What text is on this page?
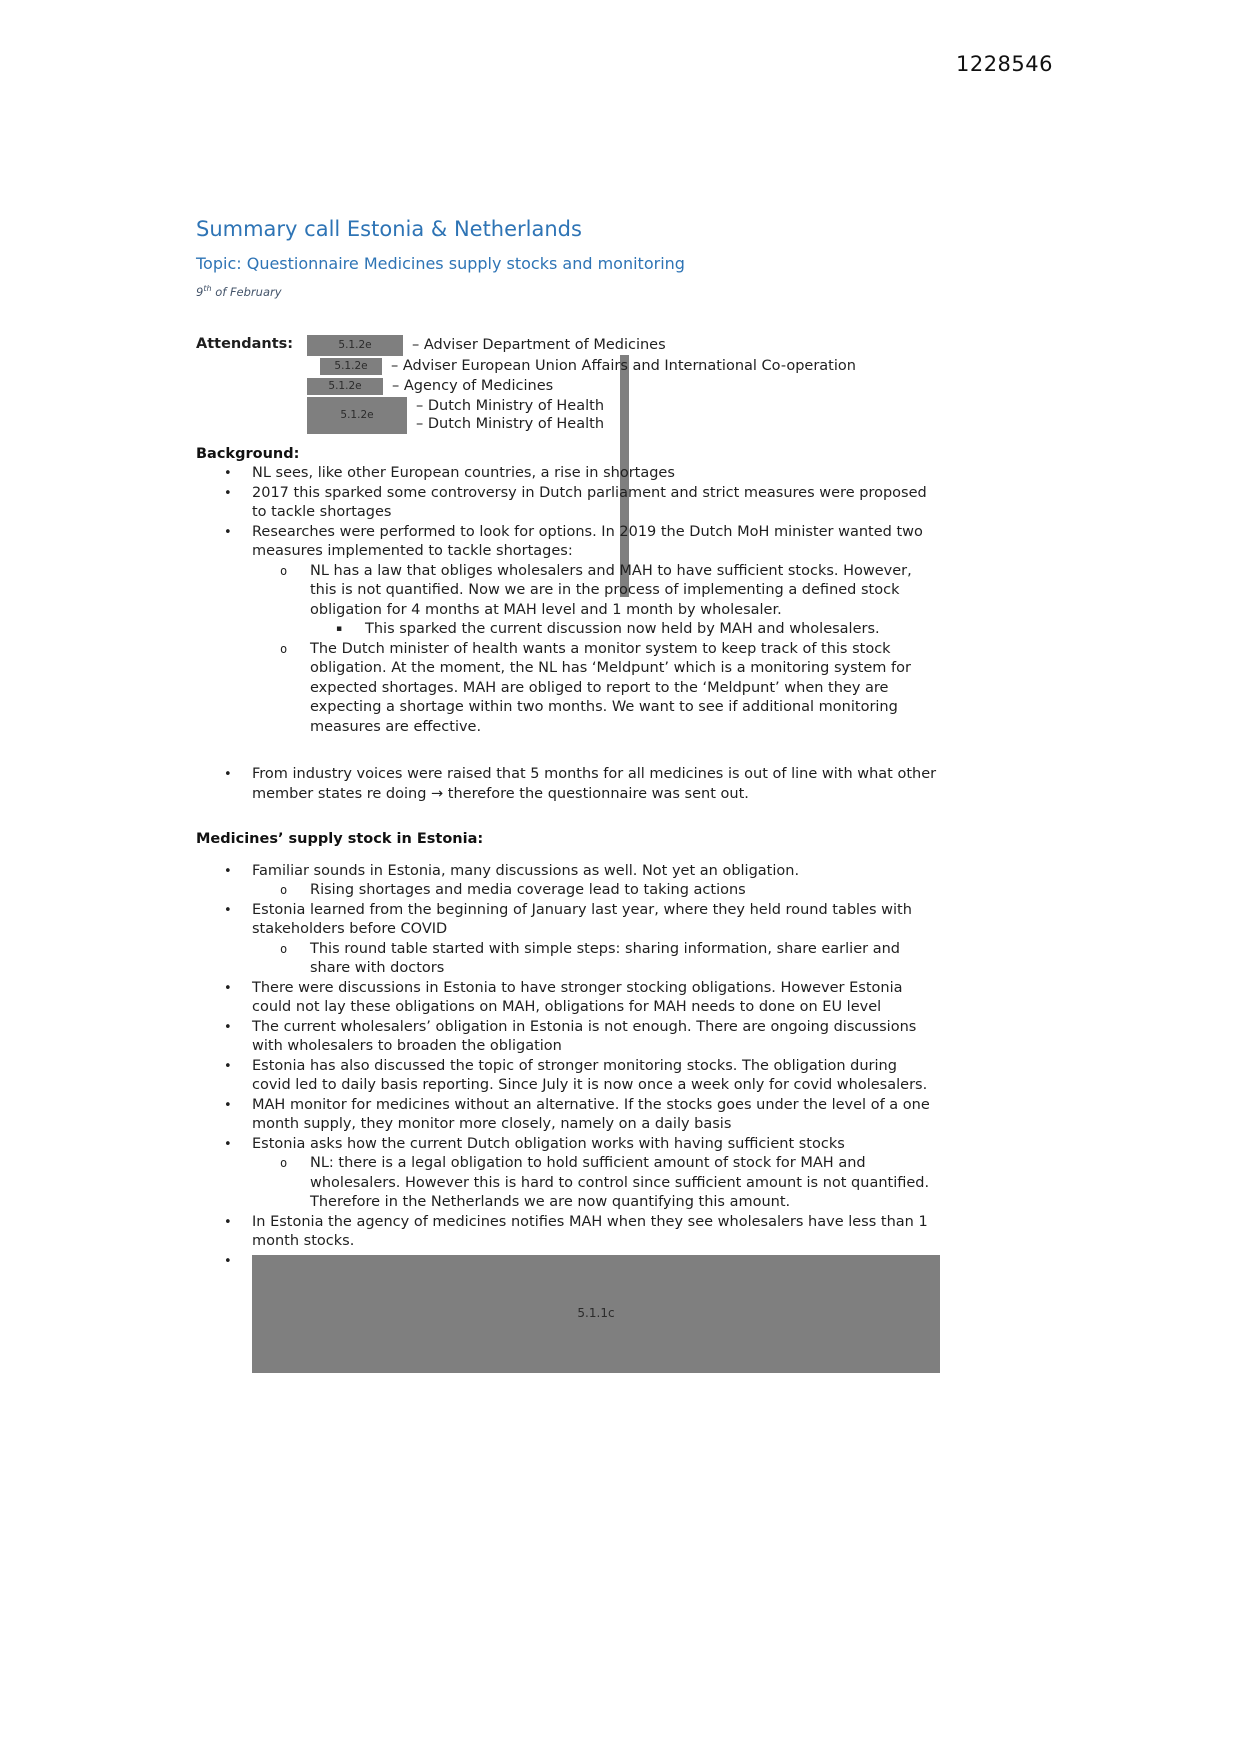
1228546
Summary call Estonia & Netherlands
Topic: Questionnaire Medicines supply stocks and monitoring

9th of February

Attendants:	5.1.2e	– Adviser Department of Medicines
5.1.2e	– Adviser European Union Affairs and International Co-operation
5.1.2e	– Agency of Medicines
5.1.2e
– Dutch Ministry of Health
– Dutch Ministry of Health
Background:
•	NL sees, like other European countries, a rise in shortages
•	2017 this sparked some controversy in Dutch parliament and strict measures were proposed to tackle shortages
•	Researches were performed to look for options. In 2019 the Dutch MoH minister wanted two measures implemented to tackle shortages:
o	NL has a law that obliges wholesalers and MAH to have sufficient stocks. However, this is not quantified. Now we are in the process of implementing a defined stock obligation for 4 months at MAH level and 1 month by wholesaler.
▪	This sparked the current discussion now held by MAH and wholesalers.
o	The Dutch minister of health wants a monitor system to keep track of this stock obligation. At the moment, the NL has ‘Meldpunt’ which is a monitoring system for expected shortages. MAH are obliged to report to the ‘Meldpunt’ when they are expecting a shortage within two months. We want to see if additional monitoring measures are effective.
•	From industry voices were raised that 5 months for all medicines is out of line with what other member states re doing → therefore the questionnaire was sent out.
Medicines’ supply stock in Estonia:
•	Familiar sounds in Estonia, many discussions as well. Not yet an obligation.
o	Rising shortages and media coverage lead to taking actions
•	Estonia learned from the beginning of January last year, where they held round tables with stakeholders before COVID
o	This round table started with simple steps: sharing information, share earlier and share with doctors
•	There were discussions in Estonia to have stronger stocking obligations. However Estonia could not lay these obligations on MAH, obligations for MAH needs to done on EU level
•	The current wholesalers’ obligation in Estonia is not enough. There are ongoing discussions with wholesalers to broaden the obligation
•	Estonia has also discussed the topic of stronger monitoring stocks. The obligation during covid led to daily basis reporting. Since July it is now once a week only for covid wholesalers.
•	MAH monitor for medicines without an alternative. If the stocks goes under the level of a one month supply, they monitor more closely, namely on a daily basis
•	Estonia asks how the current Dutch obligation works with having sufficient stocks
o	NL: there is a legal obligation to hold sufficient amount of stock for MAH and wholesalers. However this is hard to control since sufficient amount is not quantified. Therefore in the Netherlands we are now quantifying this amount.
•	In Estonia the agency of medicines notifies MAH when they see wholesalers have less than 1 month stocks.
•
5.1.1c
